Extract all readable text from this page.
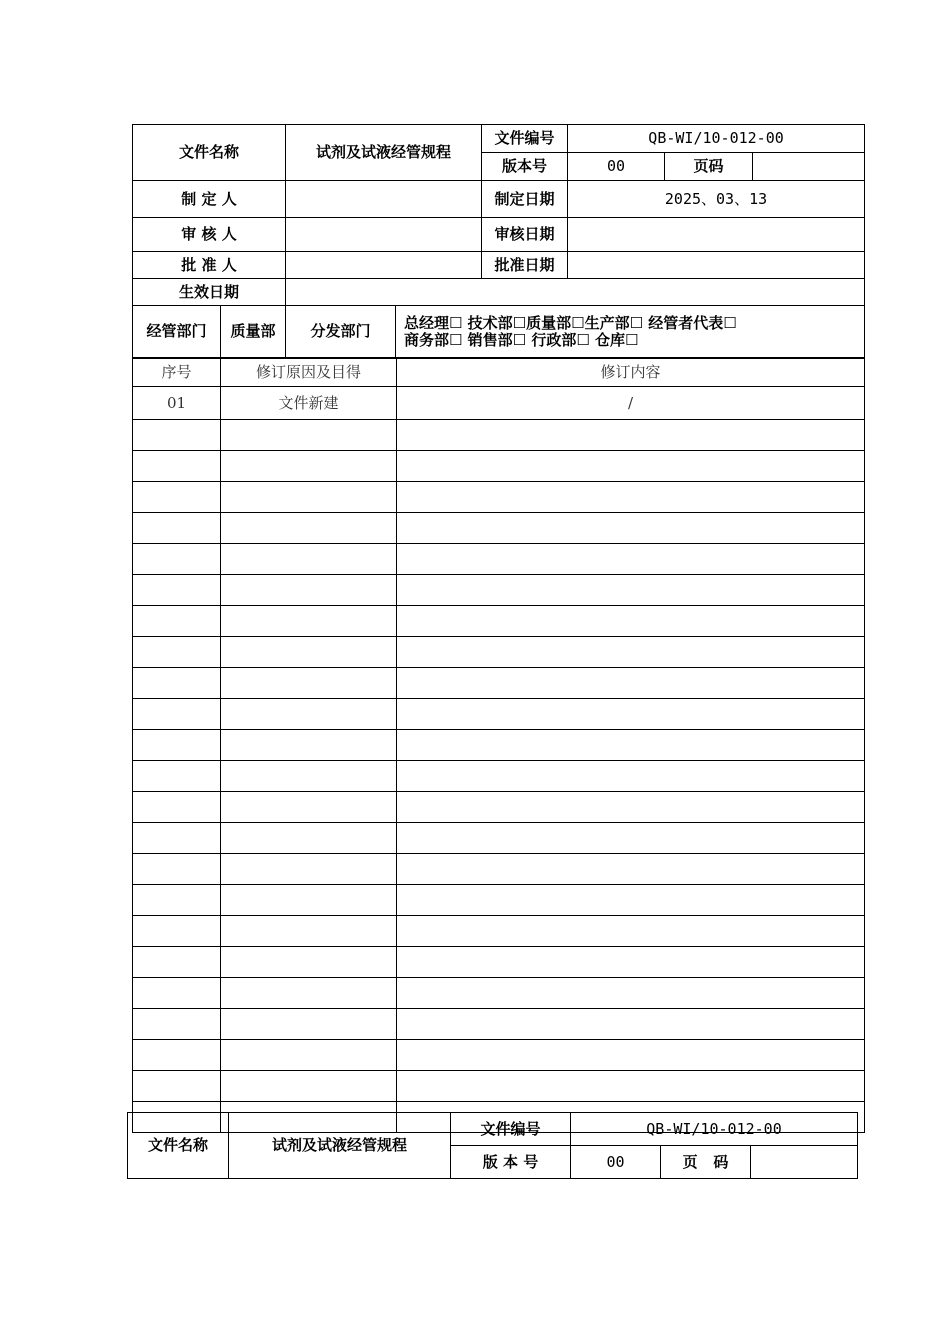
文件名称		试剂及试液经管规程		文件编号	QB-WI/10-012-00		
				版本号	00	页码	
制 定 人				制定日期	2025、03、13		
审 核 人				审核日期			
批 准 人				批准日期			
生效日期							
经管部门	质量部	分发部门	总经理☐ 技术部☐质量部☐生产部☐ 经管者代表☐
商务部☐ 销售部☐ 行政部☐ 仓库☐				
序号	修订原因及目得	修订内容
01	文件新建	/

文件名称	试剂及试液经管规程	文件编号	QB-WI/10-012-00		
		版 本 号	00	页   码	
